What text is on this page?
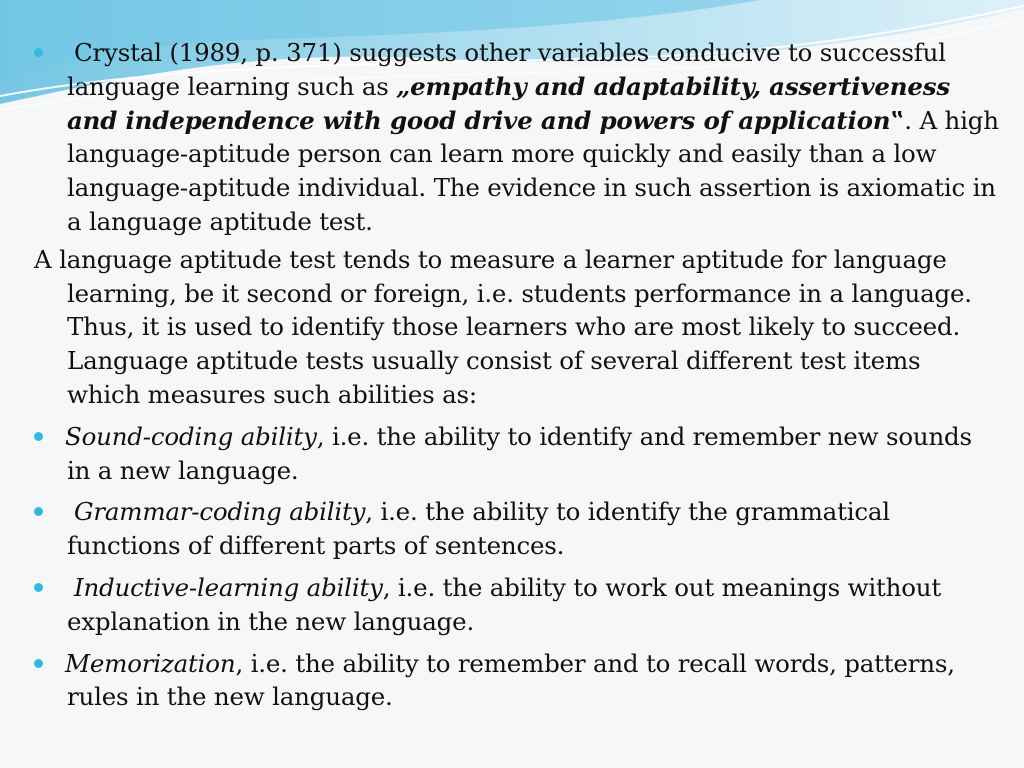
Crystal (1989, p. 371) suggests other variables conducive to successful language learning such as „empathy and adaptability, assertiveness and independence with good drive and powers of application‟. A high language-aptitude person can learn more quickly and easily than a low language-aptitude individual. The evidence in such assertion is axiomatic in a language aptitude test.

A language aptitude test tends to measure a learner aptitude for language learning, be it second or foreign, i.e. students performance in a language. Thus, it is used to identify those learners who are most likely to succeed. Language aptitude tests usually consist of several different test items which measures such abilities as:

Sound-coding ability, i.e. the ability to identify and remember new sounds in a new language.

Grammar-coding ability, i.e. the ability to identify the grammatical functions of different parts of sentences.

Inductive-learning ability, i.e. the ability to work out meanings without explanation in the new language.

Memorization, i.e. the ability to remember and to recall words, patterns, rules in the new language.
